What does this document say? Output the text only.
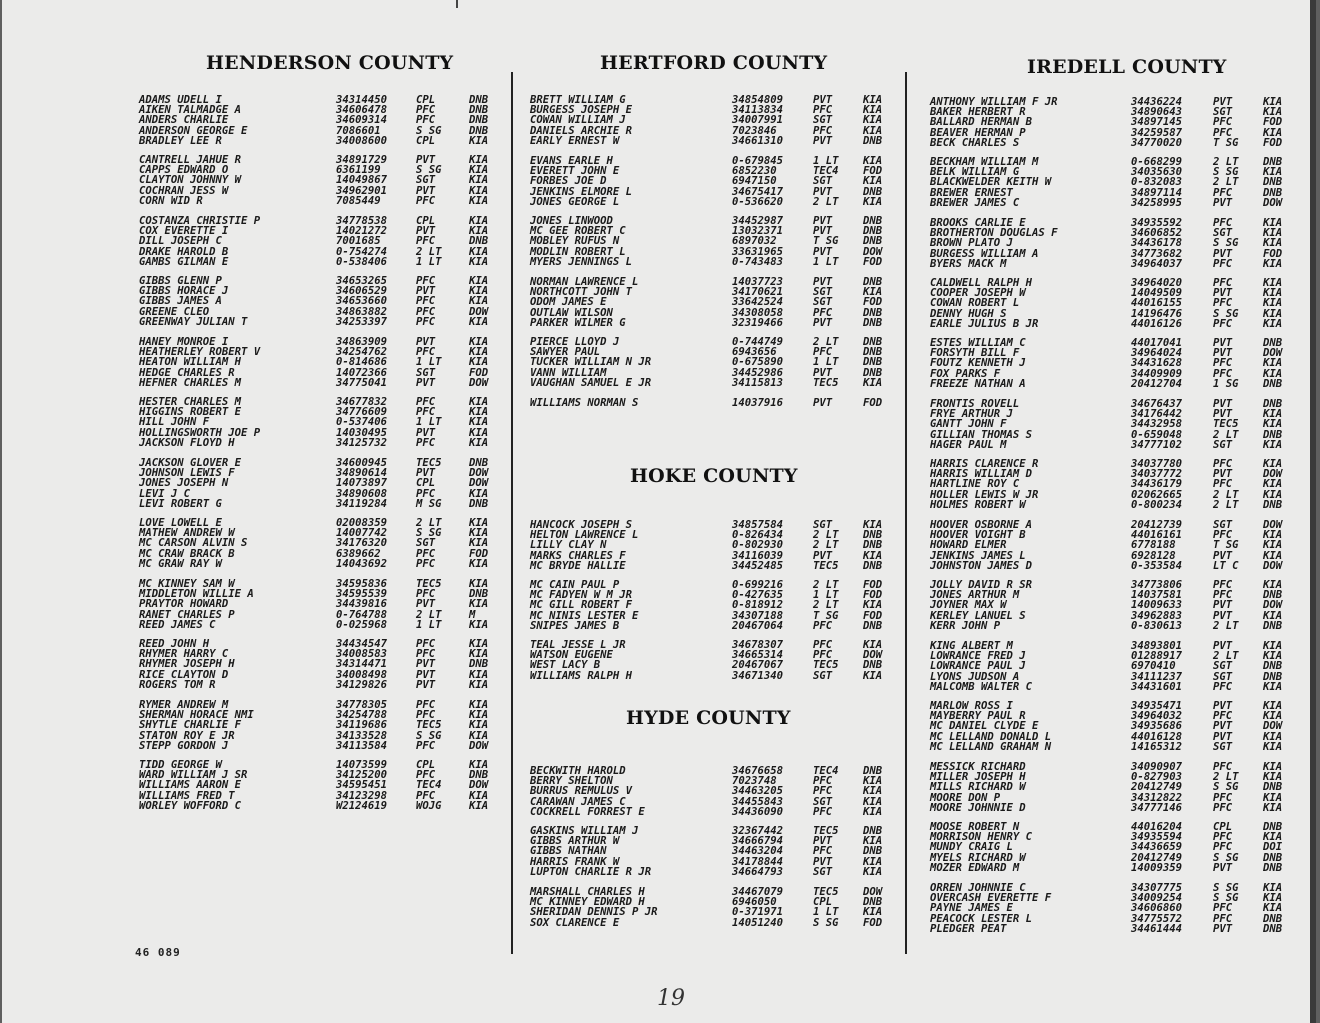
HENDERSON COUNTY
ADAMS UDELL I	34314450	CPL	DNB
AIKEN TALMADGE A	34606478	PFC	DNB
ANDERS CHARLIE	34609314	PFC	DNB
ANDERSON GEORGE E	7086601	S SG	DNB
BRADLEY LEE R	34008600	CPL	KIA
CANTRELL JAHUE R	34891729	PVT	KIA
CAPPS EDWARD O	6361199	S SG	KIA
CLAYTON JOHNNY W	14049867	SGT	KIA
COCHRAN JESS W	34962901	PVT	KIA
CORN WID R	7085449	PFC	KIA
COSTANZA CHRISTIE P	34778538	CPL	KIA
COX EVERETTE I	14021272	PVT	KIA
DILL JOSEPH C	7001685	PFC	DNB
DRAKE HAROLD B	0-754274	2 LT	KIA
GAMBS GILMAN E	0-538406	1 LT	KIA
GIBBS GLENN P	34653265	PFC	KIA
GIBBS HORACE J	34606529	PVT	KIA
GIBBS JAMES A	34653660	PFC	KIA
GREENE CLEO	34863882	PFC	DOW
GREENWAY JULIAN T	34253397	PFC	KIA
HANEY MONROE I	34863909	PVT	KIA
HEATHERLEY ROBERT V	34254762	PFC	KIA
HEATON WILLIAM H	0-814686	1 LT	KIA
HEDGE CHARLES R	14072366	SGT	FOD
HEFNER CHARLES M	34775041	PVT	DOW
HESTER CHARLES M	34677832	PFC	KIA
HIGGINS ROBERT E	34776609	PFC	KIA
HILL JOHN F	0-537406	1 LT	KIA
HOLLINGSWORTH JOE P	14030495	PVT	KIA
JACKSON FLOYD H	34125732	PFC	KIA
JACKSON GLOVER E	34600945	TEC5	DNB
JOHNSON LEWIS F	34890614	PVT	DOW
JONES JOSEPH N	14073897	CPL	DOW
LEVI J C	34890608	PFC	KIA
LEVI ROBERT G	34119284	M SG	DNB
LOVE LOWELL E	02008359	2 LT	KIA
MATHEW ANDREW W	14007742	S SG	KIA
MC CARSON ALVIN S	34176320	SGT	KIA
MC CRAW BRACK B	6389662	PFC	FOD
MC GRAW RAY W	14043692	PFC	KIA
MC KINNEY SAM W	34595836	TEC5	KIA
MIDDLETON WILLIE A	34595539	PFC	DNB
PRAYTOR HOWARD	34439816	PVT	KIA
RANET CHARLES P	0-764788	2 LT	M
REED JAMES C	0-025968	1 LT	KIA
REED JOHN H	34434547	PFC	KIA
RHYMER HARRY C	34008583	PFC	KIA
RHYMER JOSEPH H	34314471	PVT	DNB
RICE CLAYTON D	34008498	PVT	KIA
ROGERS TOM R	34129826	PVT	KIA
RYMER ANDREW M	34778305	PFC	KIA
SHERMAN HORACE NMI	34254788	PFC	KIA
SHYTLE CHARLIE F	34119686	TEC5	KIA
STATON ROY E JR	34133528	S SG	KIA
STEPP GORDON J	34113584	PFC	DOW
TIDD GEORGE W	14073599	CPL	KIA
WARD WILLIAM J SR	34125200	PFC	DNB
WILLIAMS AARON E	34595451	TEC4	DOW
WILLIAMS FRED T	34123298	PFC	KIA
WORLEY WOFFORD C	W2124619	WOJG	KIA
HERTFORD COUNTY
BRETT WILLIAM G	34854809	PVT	KIA
BURGESS JOSEPH E	34113834	PFC	KIA
COWAN WILLIAM J	34007991	SGT	KIA
DANIELS ARCHIE R	7023846	PFC	KIA
EARLY ERNEST W	34661310	PVT	DNB
EVANS EARLE H	0-679845	1 LT KIA
EVERETT JOHN E	6852230	TEC4 FOD
FORBES JOE D	6947150	SGT	KIA
JENKINS ELMORE L	34675417	PVT	DNB
JONES GEORGE L	0-536620	2 LT KIA
JONES LINWOOD	34452987	PVT	DNB
MC GEE ROBERT C	13032371	PVT	DNB
MOBLEY RUFUS N	6897032	T SG DNB
MODLIN ROBERT L	33631965	PVT	DOW
MYERS JENNINGS L	0-743483	1 LT FOD
NORMAN LAWRENCE L	14037723	PVT	DNB
NORTHCOTT JOHN T	34170621	SGT	KIA
ODOM JAMES E	33642524	SGT	FOD
OUTLAW WILSON	34308058	PFC	DNB
PARKER WILMER G	32319466	PVT	DNB
PIERCE LLOYD J	0-744749	2 LT DNB
SAWYER PAUL	6943656	PFC	DNB
TUCKER WILLIAM N JR	0-675890	1 LT DNB
VANN WILLIAM	34452986	PVT	DNB
VAUGHAN SAMUEL E JR	34115813	TEC5 KIA
WILLIAMS NORMAN S	14037916	PVT	FOD
HOKE COUNTY
HANCOCK JOSEPH S	34857584	SGT	KIA
HELTON LAWRENCE L	0-826434	2 LT DNB
LILLY CLAY N	0-802930	2 LT DNB
MARKS CHARLES F	34116039	PVT	KIA
MC BRYDE HALLIE	34452485	TEC5 DNB
MC CAIN PAUL P	0-699216	2 LT FOD
MC FADYEN W M JR	0-427635	1 LT FOD
MC GILL ROBERT F	0-818912	2 LT KIA
MC NINIS LESTER E	34307188	T SG FOD
SNIPES JAMES B	20467064	PFC	DNB
TEAL JESSE L JR	34678307	PFC	KIA
WATSON EUGENE	34665314	PFC	DOW
WEST LACY B	20467067	TEC5 DNB
WILLIAMS RALPH H	34671340	SGT	KIA
HYDE COUNTY
BECKWITH HAROLD	34676658	TEC4 DNB
BERRY SHELTON	7023748	PFC	KIA
BURRUS REMULUS V	34463205	PFC	KIA
CARAWAN JAMES C	34455843	SGT	KIA
COCKRELL FORREST E	34436090	PFC	KIA
GASKINS WILLIAM J	32367442	TEC5 DNB
GIBBS ARTHUR W	34666794	PVT	KIA
GIBBS NATHAN	34463204	PFC	DNB
HARRIS FRANK W	34178844	PVT	KIA
LUPTON CHARLIE R JR	34664793	SGT	KIA
MARSHALL CHARLES H	34467079	TEC5 DOW
MC KINNEY EDWARD H	6946050	CPL	DNB
SHERIDAN DENNIS P JR	0-371971	1 LT KIA
SOX CLARENCE E	14051240	S SG FOD
IREDELL COUNTY
ANTHONY WILLIAM F JR	34436224	PVT	KIA
BAKER HERBERT R	34890643	SGT	KIA
BALLARD HERMAN B	34897145	PFC	FOD
BEAVER HERMAN P	34259587	PFC	KIA
BECK CHARLES S	34770020	T SG FOD
BECKHAM WILLIAM M	0-668299	2 LT DNB
BELK WILLIAM G	34035630	S SG KIA
BLACKWELDER KEITH W	0-832083	2 LT DNB
BREWER ERNEST	34897114	PFC	DNB
BREWER JAMES C	34258995	PVT	DOW
BROOKS CARLIE E	34935592	PFC	KIA
BROTHERTON DOUGLAS F	34606852	SGT	KIA
BROWN PLATO J	34436178	S SG KIA
BURGESS WILLIAM A	34773682	PVT	FOD
BYERS MACK M	34964037	PFC	KIA
CALDWELL RALPH H	34964020	PFC	KIA
COOPER JOSEPH W	14049509	PVT	KIA
COWAN ROBERT L	44016155	PFC	KIA
DENNY HUGH S	14196476	S SG KIA
EARLE JULIUS B JR	44016126	PFC	KIA
ESTES WILLIAM C	44017041	PVT	DNB
FORSYTH BILL F	34964024	PVT	DOW
FOUTZ KENNETH J	34431628	PFC	KIA
FOX PARKS F	34409909	PFC	KIA
FREEZE NATHAN A	20412704	1 SG DNB
FRONTIS ROVELL	34676437	PVT	DNB
FRYE ARTHUR J	34176442	PVT	KIA
GANTT JOHN F	34432958	TEC5 KIA
GILLIAN THOMAS S	0-659048	2 LT DNB
HAGER PAUL M	34777102	SGT	KIA
HARRIS CLARENCE R	34037780	PFC	KIA
HARRIS WILLIAM D	34037772	PVT	DOW
HARTLINE ROY C	34436179	PFC	KIA
HOLLER LEWIS W JR	02062665	2 LT KIA
HOLMES ROBERT W	0-800234	2 LT DNB
HOOVER OSBORNE A	20412739	SGT	DOW
HOOVER VOIGHT B	44016161	PFC	KIA
HOWARD ELMER	6778188	T SG KIA
JENKINS JAMES L	6928128	PVT	KIA
JOHNSTON JAMES D	0-353584	LT C DOW
JOLLY DAVID R SR	34773806	PFC	KIA
JONES ARTHUR M	14037581	PFC	DNB
JOYNER MAX W	14009633	PVT	DOW
KERLEY LANUEL S	34962883	PVT	KIA
KERR JOHN P	0-830613	2 LT DNB
KING ALBERT M	34893801	PVT	KIA
LOWRANCE FRED J	01288917	2 LT KIA
LOWRANCE PAUL J	6970410	SGT	DNB
LYONS JUDSON A	34111237	SGT	DNB
MALCOMB WALTER C	34431601	PFC	KIA
MARLOW ROSS I	34935471	PVT	KIA
MAYBERRY PAUL R	34964032	PFC	KIA
MC DANIEL CLYDE E	34935686	PVT	DOW
MC LELLAND DONALD L	44016128	PVT	KIA
MC LELLAND GRAHAM N	14165312	SGT	KIA
MESSICK RICHARD	34090907	PFC	KIA
MILLER JOSEPH H	0-827903	2 LT KIA
MILLS RICHARD W	20412749	S SG DNB
MOORE DON P	34312822	PFC	KIA
MOORE JOHNNIE D	34777146	PFC	KIA
MOOSE ROBERT N	44016204	CPL	DNB
MORRISON HENRY C	34935594	PFC	KIA
MUNDY CRAIG L	34436659	PFC	DOI
MYELS RICHARD W	20412749	S SG DNB
MOZER EDWARD M	14009359	PVT	DNB
ORREN JOHNNIE C	34307775	S SG KIA
OVERCASH EVERETTE F	34009254	S SG KIA
PAYNE JAMES E	34606860	PFC	KIA
PEACOCK LESTER L	34775572	PFC	DNB
PLEDGER PEAT	34461444	PVT	DNB
46 089
19
